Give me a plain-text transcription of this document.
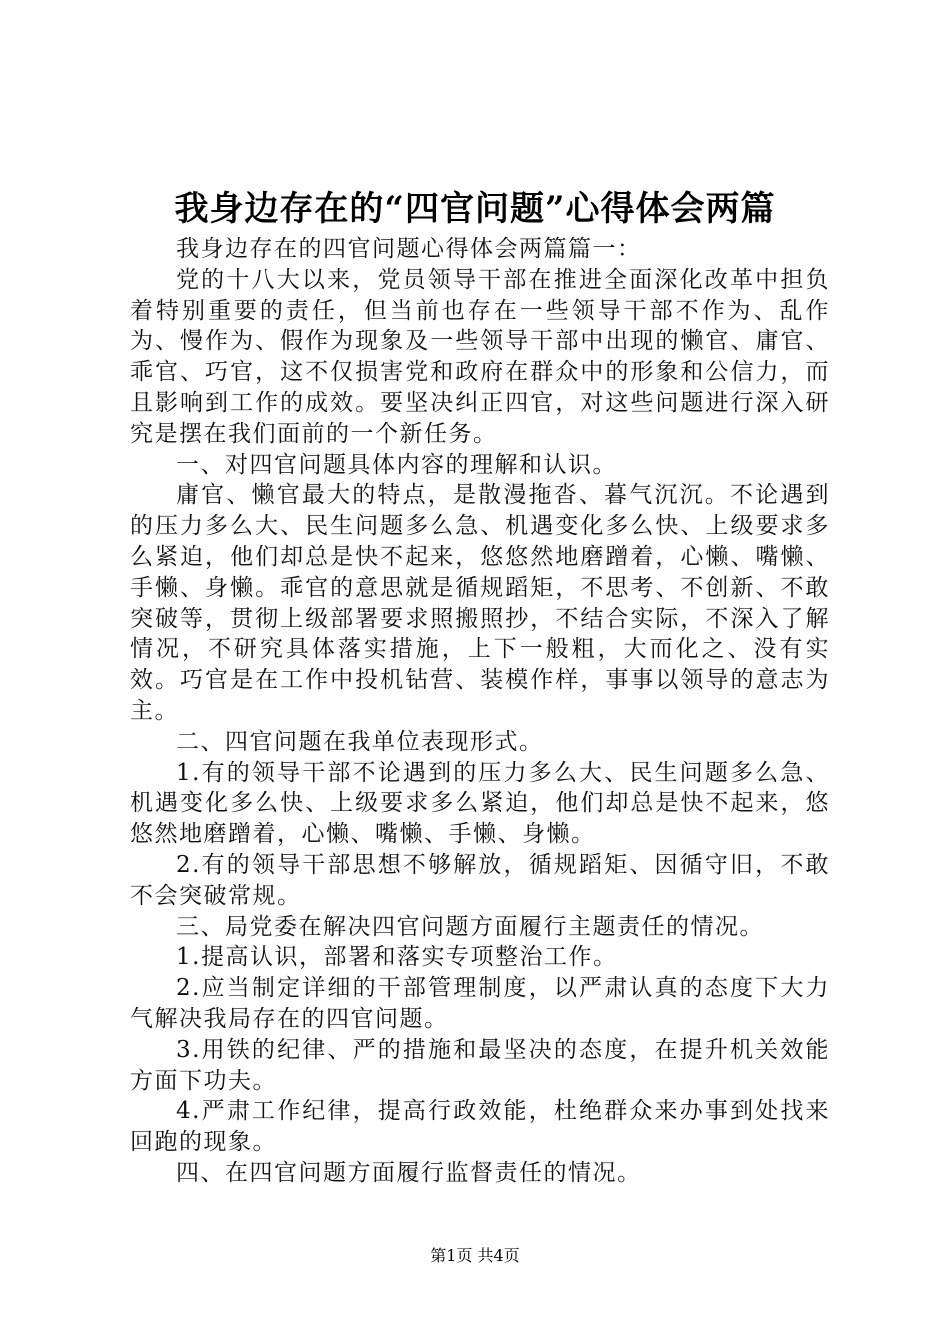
我身边存在的“四官问题”心得体会两篇

我身边存在的四官问题心得体会两篇篇一：

党的十八大以来，党员领导干部在推进全面深化改革中担负着特别重要的责任，但当前也存在一些领导干部不作为、乱作为、慢作为、假作为现象及一些领导干部中出现的懒官、庸官、乖官、巧官，这不仅损害党和政府在群众中的形象和公信力，而且影响到工作的成效。要坚决纠正四官，对这些问题进行深入研究是摆在我们面前的一个新任务。

一、对四官问题具体内容的理解和认识。

庸官、懒官最大的特点，是散漫拖沓、暮气沉沉。不论遇到的压力多么大、民生问题多么急、机遇变化多么快、上级要求多么紧迫，他们却总是快不起来，悠悠然地磨蹭着，心懒、嘴懒、手懒、身懒。乖官的意思就是循规蹈矩，不思考、不创新、不敢突破等，贯彻上级部署要求照搬照抄，不结合实际，不深入了解情况，不研究具体落实措施，上下一般粗，大而化之、没有实效。巧官是在工作中投机钻营、装模作样，事事以领导的意志为主。

二、四官问题在我单位表现形式。

1.有的领导干部不论遇到的压力多么大、民生问题多么急、机遇变化多么快、上级要求多么紧迫，他们却总是快不起来，悠悠然地磨蹭着，心懒、嘴懒、手懒、身懒。

2.有的领导干部思想不够解放，循规蹈矩、因循守旧，不敢不会突破常规。

三、局党委在解决四官问题方面履行主题责任的情况。

1.提高认识，部署和落实专项整治工作。

2.应当制定详细的干部管理制度，以严肃认真的态度下大力气解决我局存在的四官问题。

3.用铁的纪律、严的措施和最坚决的态度，在提升机关效能方面下功夫。

4.严肃工作纪律，提高行政效能，杜绝群众来办事到处找来回跑的现象。

四、在四官问题方面履行监督责任的情况。

第1页 共4页
